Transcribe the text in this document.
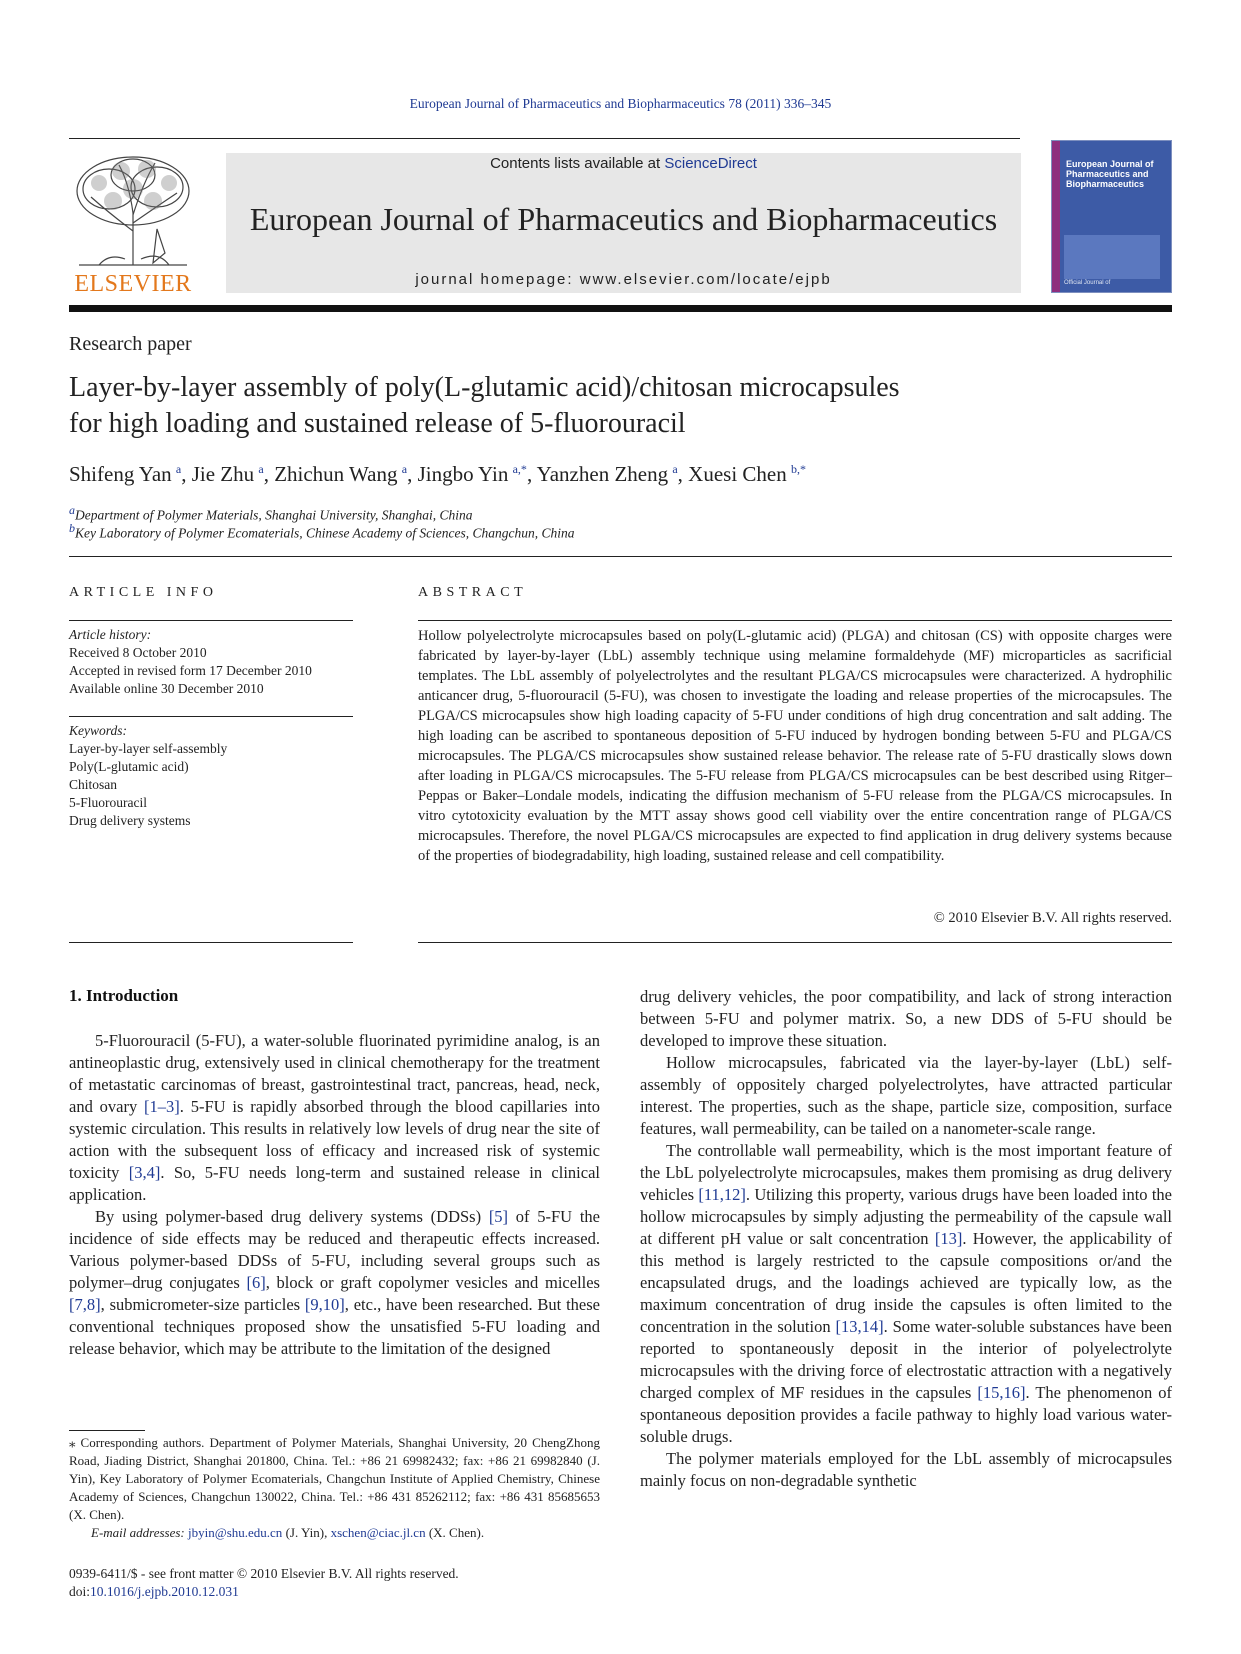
European Journal of Pharmaceutics and Biopharmaceutics 78 (2011) 336–345
ELSEVIER
Contents lists available at ScienceDirect
European Journal of Pharmaceutics and Biopharmaceutics
journal homepage: www.elsevier.com/locate/ejpb
European Journal of Pharmaceutics and Biopharmaceutics
Official Journal of
Research paper
Layer-by-layer assembly of poly(L-glutamic acid)/chitosan microcapsules
for high loading and sustained release of 5-fluorouracil
Shifeng Yan  $^a$, Jie Zhu  $^a$, Zhichun Wang  $^a$, Jingbo Yin  $^{a,*}$, Yanzhen Zheng  $^a$, Xuesi Chen  $^{b,*}$
aDepartment of Polymer Materials, Shanghai University, Shanghai, China
bKey Laboratory of Polymer Ecomaterials, Chinese Academy of Sciences, Changchun, China
ARTICLE INFO	ABSTRACT
Article history:
Received 8 October 2010
Accepted in revised form 17 December 2010
Available online 30 December 2010
Keywords:
Layer-by-layer self-assembly
Poly(L-glutamic acid)
Chitosan
5-Fluorouracil
Drug delivery systems
Hollow polyelectrolyte microcapsules based on poly(L-glutamic acid) (PLGA) and chitosan (CS) with opposite charges were fabricated by layer-by-layer (LbL) assembly technique using melamine formaldehyde (MF) microparticles as sacrificial templates. The LbL assembly of polyelectrolytes and the resultant PLGA/CS microcapsules were characterized. A hydrophilic anticancer drug, 5-fluorouracil (5-FU), was chosen to investigate the loading and release properties of the microcapsules. The PLGA/CS microcapsules show high loading capacity of 5-FU under conditions of high drug concentration and salt adding. The high loading can be ascribed to spontaneous deposition of 5-FU induced by hydrogen bonding between 5-FU and PLGA/CS microcapsules. The PLGA/CS microcapsules show sustained release behavior. The release rate of 5-FU drastically slows down after loading in PLGA/CS microcapsules. The 5-FU release from PLGA/CS microcapsules can be best described using Ritger–Peppas or Baker–Londale models, indicating the diffusion mechanism of 5-FU release from the PLGA/CS microcapsules. In vitro cytotoxicity evaluation by the MTT assay shows good cell viability over the entire concentration range of PLGA/CS microcapsules. Therefore, the novel PLGA/CS microcapsules are expected to find application in drug delivery systems because of the properties of biodegradability, high loading, sustained release and cell compatibility.
© 2010 Elsevier B.V. All rights reserved.
1. Introduction

5-Fluorouracil (5-FU), a water-soluble fluorinated pyrimidine analog, is an antineoplastic drug, extensively used in clinical chemotherapy for the treatment of metastatic carcinomas of breast, gastrointestinal tract, pancreas, head, neck, and ovary [1–3]. 5-FU is rapidly absorbed through the blood capillaries into systemic circulation. This results in relatively low levels of drug near the site of action with the subsequent loss of efficacy and increased risk of systemic toxicity [3,4]. So, 5-FU needs long-term and sustained release in clinical application.

By using polymer-based drug delivery systems (DDSs) [5] of 5-FU the incidence of side effects may be reduced and therapeutic effects increased. Various polymer-based DDSs of 5-FU, including several groups such as polymer–drug conjugates [6], block or graft copolymer vesicles and micelles [7,8], submicrometer-size particles [9,10], etc., have been researched. But these conventional techniques proposed show the unsatisfied 5-FU loading and release behavior, which may be attribute to the limitation of the designed

drug delivery vehicles, the poor compatibility, and lack of strong interaction between 5-FU and polymer matrix. So, a new DDS of 5-FU should be developed to improve these situation.

Hollow microcapsules, fabricated via the layer-by-layer (LbL) self-assembly of oppositely charged polyelectrolytes, have attracted particular interest. The properties, such as the shape, particle size, composition, surface features, wall permeability, can be tailed on a nanometer-scale range.

The controllable wall permeability, which is the most important feature of the LbL polyelectrolyte microcapsules, makes them promising as drug delivery vehicles [11,12]. Utilizing this property, various drugs have been loaded into the hollow microcapsules by simply adjusting the permeability of the capsule wall at different pH value or salt concentration [13]. However, the applicability of this method is largely restricted to the capsule compositions or/and the encapsulated drugs, and the loadings achieved are typically low, as the maximum concentration of drug inside the capsules is often limited to the concentration in the solution [13,14]. Some water-soluble substances have been reported to spontaneously deposit in the interior of polyelectrolyte microcapsules with the driving force of electrostatic attraction with a negatively charged complex of MF residues in the capsules [15,16]. The phenomenon of spontaneous deposition provides a facile pathway to highly load various water-soluble drugs.

The polymer materials employed for the LbL assembly of microcapsules mainly focus on non-degradable synthetic

⁎ Corresponding authors. Department of Polymer Materials, Shanghai University, 20 ChengZhong Road, Jiading District, Shanghai 201800, China. Tel.: +86 21 69982432; fax: +86 21 69982840 (J. Yin), Key Laboratory of Polymer Ecomaterials, Changchun Institute of Applied Chemistry, Chinese Academy of Sciences, Changchun 130022, China. Tel.: +86 431 85262112; fax: +86 431 85685653 (X. Chen).
E-mail addresses: jbyin@shu.edu.cn (J. Yin), xschen@ciac.jl.cn (X. Chen).
0939-6411/$ - see front matter © 2010 Elsevier B.V. All rights reserved.
doi:10.1016/j.ejpb.2010.12.031
